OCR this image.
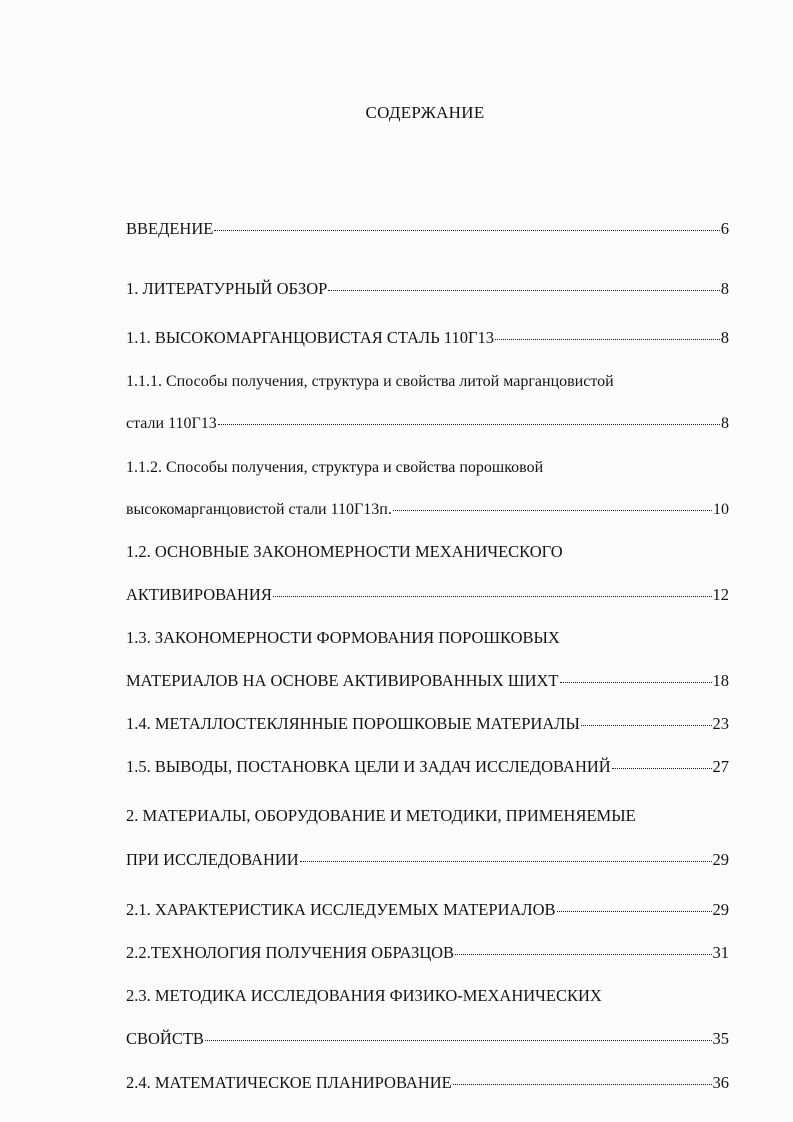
СОДЕРЖАНИЕ
ВВЕДЕНИЕ	6
1. ЛИТЕРАТУРНЫЙ ОБЗОР	8
1.1. ВЫСОКОМАРГАНЦОВИСТАЯ СТАЛЬ 110Г13	8
1.1.1. Способы получения, структура и свойства литой марганцовистой
стали 110Г13	8
1.1.2. Способы получения, структура и свойства порошковой
высокомарганцовистой стали 110Г13п.	10
1.2. ОСНОВНЫЕ ЗАКОНОМЕРНОСТИ МЕХАНИЧЕСКОГО
АКТИВИРОВАНИЯ	12
1.3. ЗАКОНОМЕРНОСТИ ФОРМОВАНИЯ ПОРОШКОВЫХ
МАТЕРИАЛОВ НА ОСНОВЕ АКТИВИРОВАННЫХ ШИХТ	18
1.4. МЕТАЛЛОСТЕКЛЯННЫЕ ПОРОШКОВЫЕ МАТЕРИАЛЫ	23
1.5. ВЫВОДЫ, ПОСТАНОВКА ЦЕЛИ И ЗАДАЧ ИССЛЕДОВАНИЙ	27
2. МАТЕРИАЛЫ, ОБОРУДОВАНИЕ И МЕТОДИКИ, ПРИМЕНЯЕМЫЕ
ПРИ ИССЛЕДОВАНИИ	29
2.1. ХАРАКТЕРИСТИКА ИССЛЕДУЕМЫХ МАТЕРИАЛОВ	29
2.2.ТЕХНОЛОГИЯ ПОЛУЧЕНИЯ ОБРАЗЦОВ	31
2.3. МЕТОДИКА ИССЛЕДОВАНИЯ ФИЗИКО-МЕХАНИЧЕСКИХ
СВОЙСТВ	35
2.4. МАТЕМАТИЧЕСКОЕ ПЛАНИРОВАНИЕ	36
